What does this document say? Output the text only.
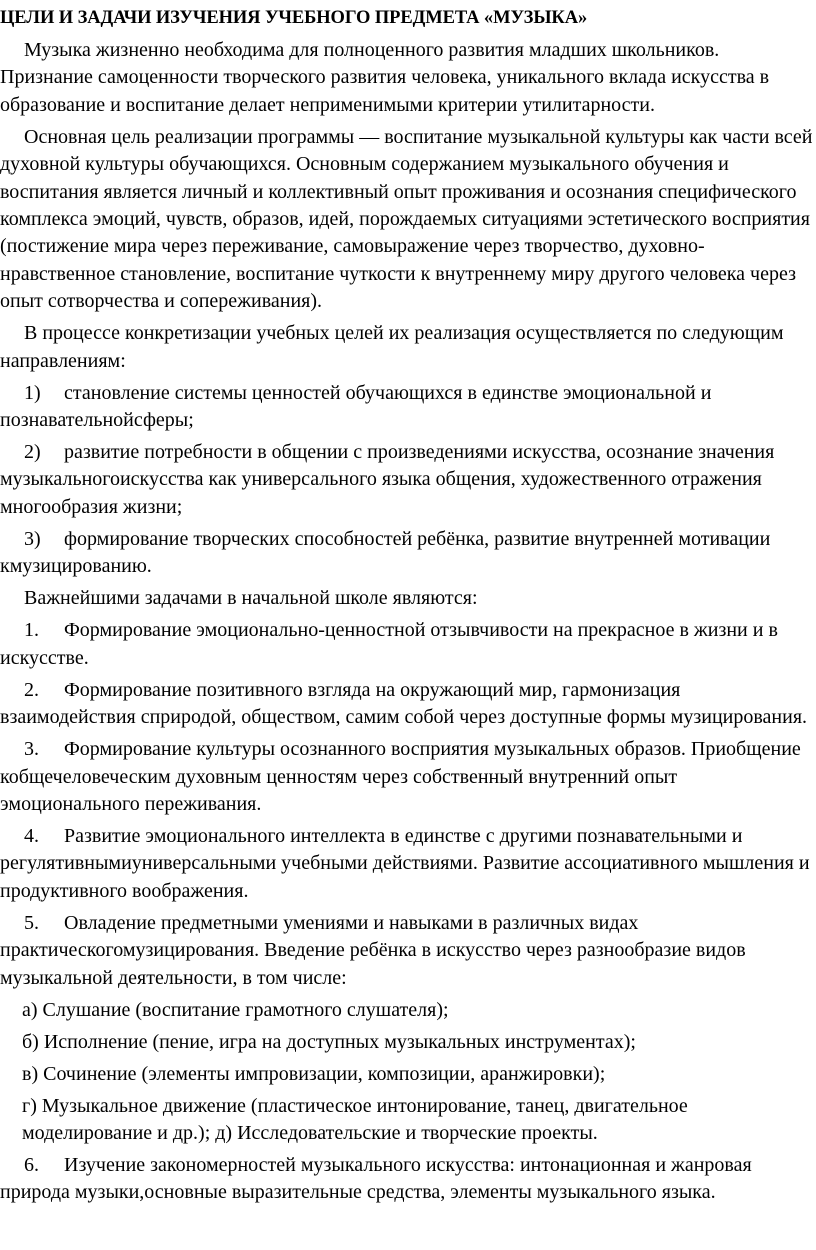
ЦЕЛИ И ЗАДАЧИ ИЗУЧЕНИЯ УЧЕБНОГО ПРЕДМЕТА «МУЗЫКА»

Музыка жизненно необходима для полноценного развития младших школьников. Признание самоценности творческого развития человека, уникального вклада искусства в образование и воспитание делает неприменимыми критерии утилитарности.

Основная цель реализации программы — воспитание музыкальной культуры как части всей духовной культуры обучающихся. Основным содержанием музыкального обучения и воспитания является личный и коллективный опыт проживания и осознания специфического комплекса эмоций, чувств, образов, идей, порождаемых ситуациями эстетического восприятия (постижение мира через переживание, самовыражение через творчество, духовно-нравственное становление, воспитание чуткости к внутреннему миру другого человека через опыт сотворчества и сопереживания).

В процессе конкретизации учебных целей их реализация осуществляется по следующим направлениям:

1) становление системы ценностей обучающихся в единстве эмоциональной и познавательнойсферы;

2) развитие потребности в общении с произведениями искусства, осознание значения музыкальногоискусства как универсального языка общения, художественного отражения многообразия жизни;

3) формирование творческих способностей ребёнка, развитие внутренней мотивации кмузицированию.

Важнейшими задачами в начальной школе являются:

1. Формирование эмоционально-ценностной отзывчивости на прекрасное в жизни и в искусстве.

2. Формирование позитивного взгляда на окружающий мир, гармонизация взаимодействия сприродой, обществом, самим собой через доступные формы музицирования.

3. Формирование культуры осознанного восприятия музыкальных образов. Приобщение кобщечеловеческим духовным ценностям через собственный внутренний опыт эмоционального переживания.

4. Развитие эмоционального интеллекта в единстве с другими познавательными и регулятивнымиуниверсальными учебными действиями. Развитие ассоциативного мышления и продуктивного воображения.

5. Овладение предметными умениями и навыками в различных видах практическогомузицирования. Введение ребёнка в искусство через разнообразие видов музыкальной деятельности, в том числе:

а) Слушание (воспитание грамотного слушателя);

б) Исполнение (пение, игра на доступных музыкальных инструментах);

в) Сочинение (элементы импровизации, композиции, аранжировки);

г) Музыкальное движение (пластическое интонирование, танец, двигательное моделирование и др.); д) Исследовательские и творческие проекты.

6. Изучение закономерностей музыкального искусства: интонационная и жанровая природа музыки,основные выразительные средства, элементы музыкального языка.
